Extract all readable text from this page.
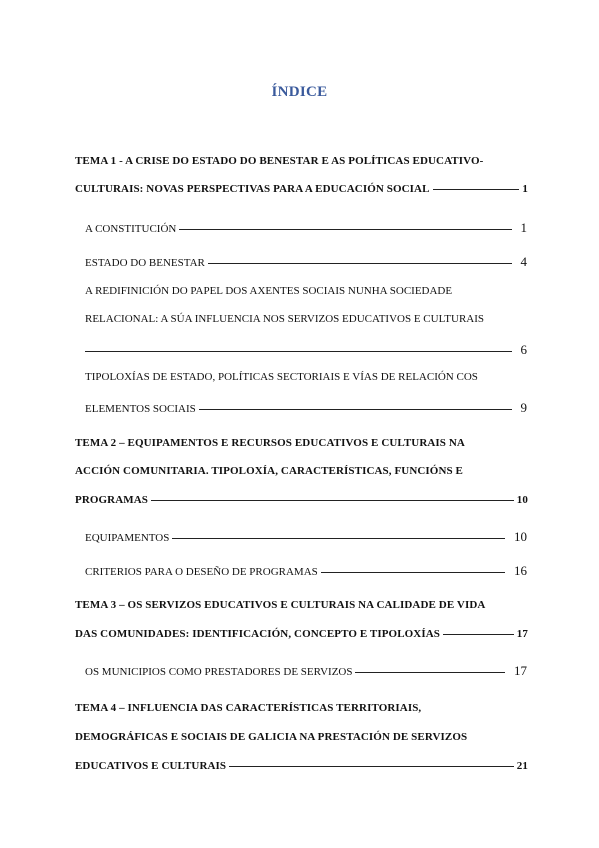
ÍNDICE
TEMA 1 - A CRISE DO ESTADO DO BENESTAR E AS POLÍTICAS EDUCATIVO-
CULTURAIS: NOVAS PERSPECTIVAS PARA A EDUCACIÓN SOCIAL	1
A CONSTITUCIÓN	1
ESTADO DO BENESTAR	4
A REDIFINICIÓN DO PAPEL DOS AXENTES SOCIAIS NUNHA SOCIEDADE
RELACIONAL: A SÚA INFLUENCIA NOS SERVIZOS EDUCATIVOS E CULTURAIS
6
TIPOLOXÍAS DE ESTADO, POLÍTICAS SECTORIAIS E VÍAS DE RELACIÓN COS
ELEMENTOS SOCIAIS	9
TEMA 2 – EQUIPAMENTOS E RECURSOS EDUCATIVOS E CULTURAIS NA
ACCIÓN COMUNITARIA. TIPOLOXÍA, CARACTERÍSTICAS, FUNCIÓNS E
PROGRAMAS	10
EQUIPAMENTOS	10
CRITERIOS PARA O DESEÑO DE PROGRAMAS	16
TEMA 3 – OS SERVIZOS EDUCATIVOS E CULTURAIS NA CALIDADE DE VIDA
DAS COMUNIDADES: IDENTIFICACIÓN, CONCEPTO E TIPOLOXÍAS	17
OS MUNICIPIOS COMO PRESTADORES DE SERVIZOS	17
TEMA 4 – INFLUENCIA DAS CARACTERÍSTICAS TERRITORIAIS,
DEMOGRÁFICAS E SOCIAIS DE GALICIA NA PRESTACIÓN DE SERVIZOS
EDUCATIVOS E CULTURAIS	21
